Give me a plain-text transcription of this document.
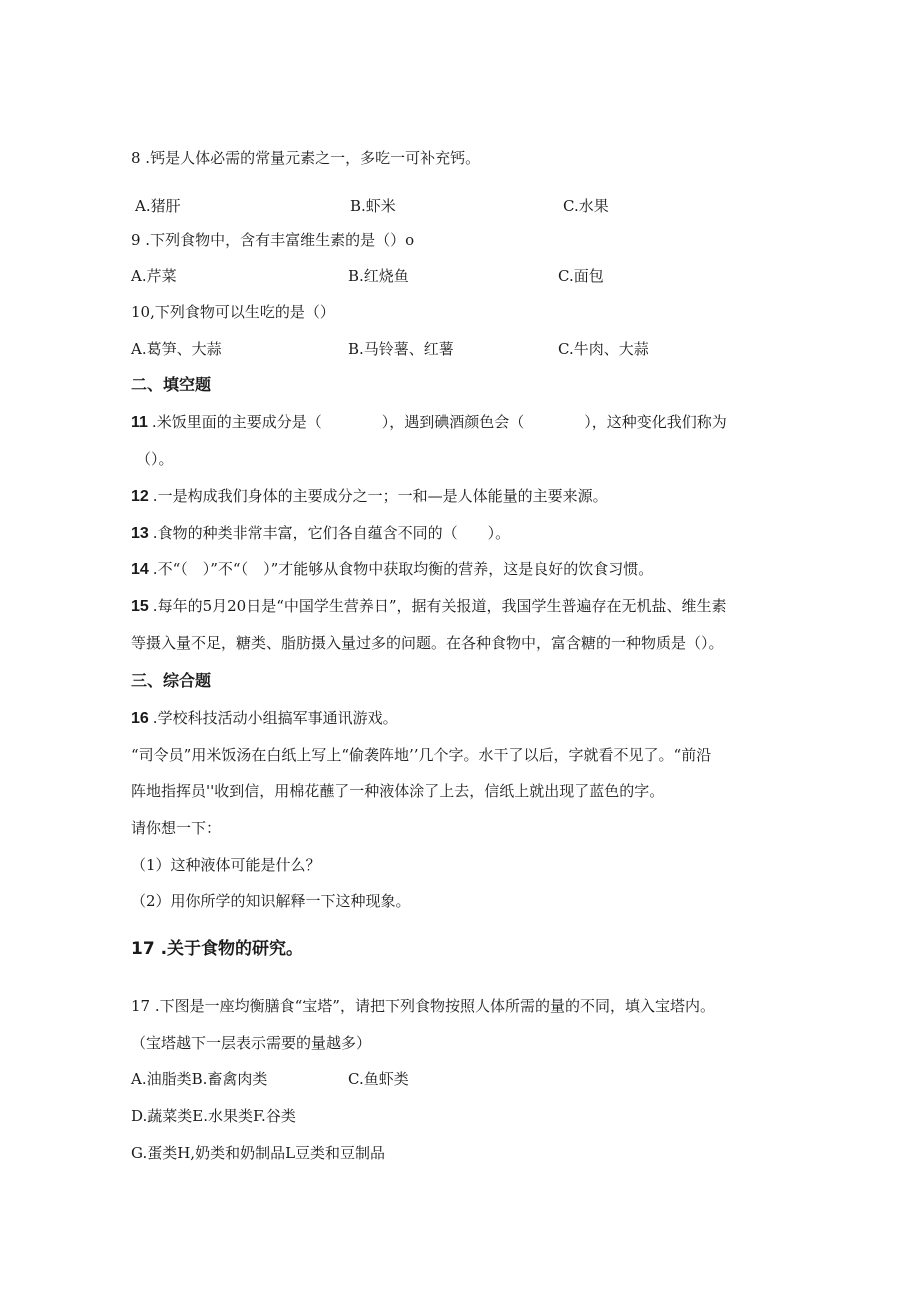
8 .钙是人体必需的常量元素之一，多吃一可补充钙。
A.猪肝	B.虾米	C.水果
9 .下列食物中，含有丰富维生素的是（）o
A.芹菜	B.红烧鱼	C.面包
10,下列食物可以生吃的是（）
A.葛笋、大蒜	B.马铃薯、红薯	C.牛肉、大蒜
二、填空题
11 .米饭里面的主要成分是（　　　　），遇到碘酒颜色会（　　　　），这种变化我们称为
（）。
12 .一是构成我们身体的主要成分之一；一和—是人体能量的主要来源。
13 .食物的种类非常丰富，它们各自蕴含不同的（　　）。
14 .不“（　）”不“（　）”才能够从食物中获取均衡的营养，这是良好的饮食习惯。
15 .每年的5月20日是“中国学生营养日”，据有关报道，我国学生普遍存在无机盐、维生素
等摄入量不足，糖类、脂肪摄入量过多的问题。在各种食物中，富含糖的一种物质是（）。
三、综合题
16 .学校科技活动小组搞军事通讯游戏。
“司令员”用米饭汤在白纸上写上“偷袭阵地’’几个字。水干了以后，字就看不见了。“前沿
阵地指挥员''收到信，用棉花蘸了一种液体涂了上去，信纸上就出现了蓝色的字。
请你想一下：
（1）这种液体可能是什么？
（2）用你所学的知识解释一下这种现象。
17 .关于食物的研究。
17 .下图是一座均衡膳食“宝塔”，请把下列食物按照人体所需的量的不同，填入宝塔内。
（宝塔越下一层表示需要的量越多）
A.油脂类B.畜禽肉类	C.鱼虾类
D.蔬菜类E.水果类F.谷类
G.蛋类H,奶类和奶制品L豆类和豆制品
